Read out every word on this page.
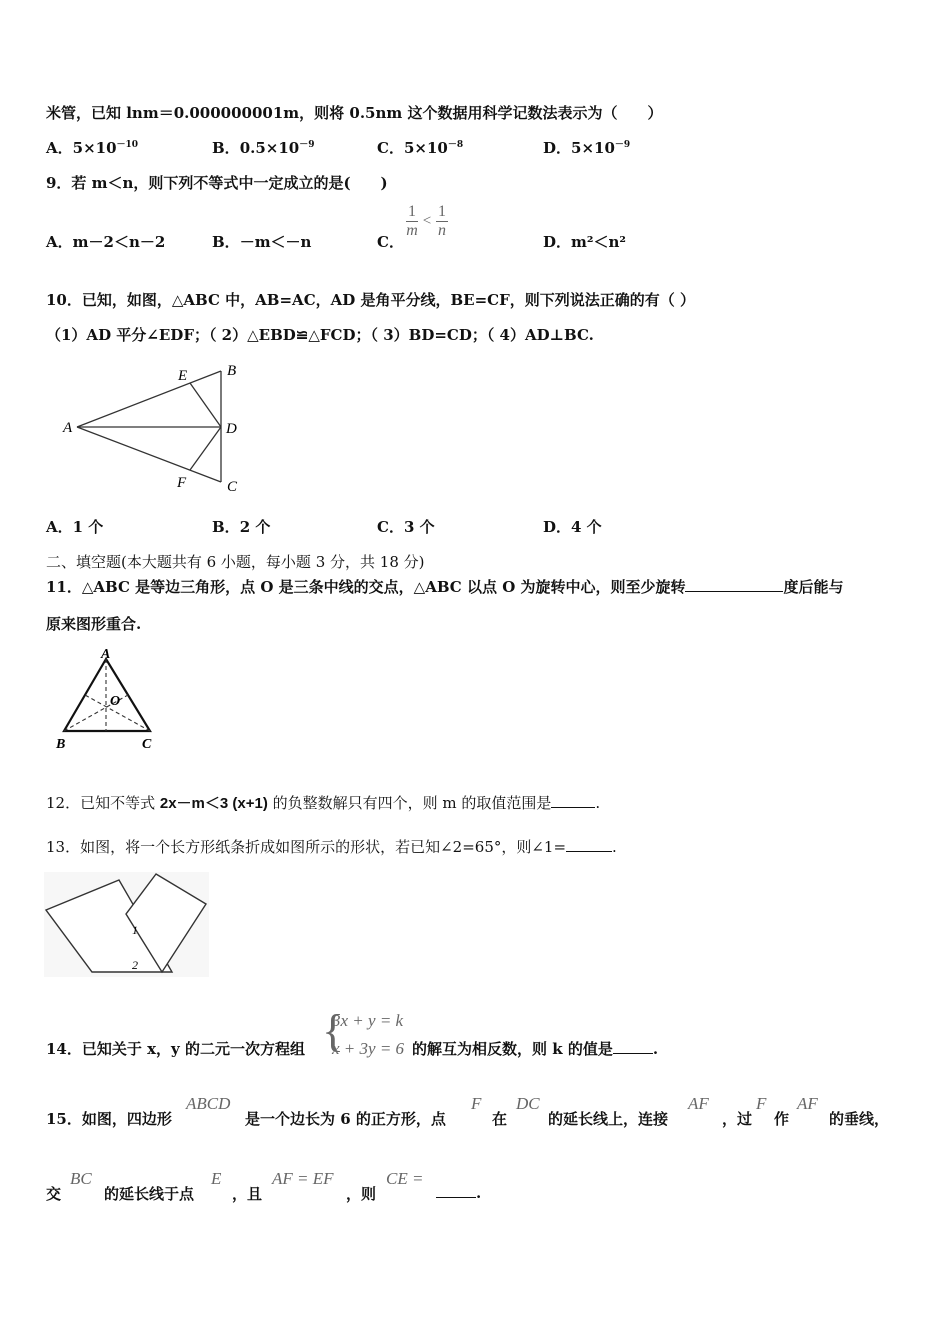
米管，已知 lnm＝0.000000001m，则将 0.5nm 这个数据用科学记数法表示为（　　）
A．$5\times 10^{-10}$	B．$0.5\times 10^{-9}$	C．$5\times 10^{-8}$	D．$5\times 10^{-9}$
9．若 m＜n，则下列不等式中一定成立的是(　　)
A．m－2＜n－2	B．－m＜－n	C．
$\frac{1}{m} < \frac{1}{n}$
D．m²＜n²
10．已知，如图，△ABC 中，AB=AC，AD 是角平分线，BE=CF，则下列说法正确的有（ ）
（1）AD 平分∠EDF；（ 2）△EBD≌△FCD；（ 3）BD=CD；（ 4）AD⊥BC.
A
B
C
D
E
F
A．1 个	B．2 个	C．3 个	D．4 个
二、填空题(本大题共有 6 小题，每小题 3 分，共 18 分)
11．△ABC 是等边三角形，点 O 是三条中线的交点，△ABC 以点 O 为旋转中心，则至少旋转	度后能与
原来图形重合.
A
B	C
O
12．已知不等式 2x－m＜3 (x+1) 的负整数解只有四个，则 m 的取值范围是	.
13．如图，将一个长方形纸条折成如图所示的形状，若已知∠2=65°，则∠1=	.
1
2
14．已知关于 x，y 的二元一次方程组 {
3x + y = k
x + 3y = 6 的解互为相反数，则 k 的值是	.
15．如图，四边形
ABCD
是一个边长为 6 的正方形，点
F
在
DC
的延长线上，连接
AF
，过
F
作
AF
的垂线，
交
BC
的延长线于点
E
，且
AF = EF
，则
CE =
.
